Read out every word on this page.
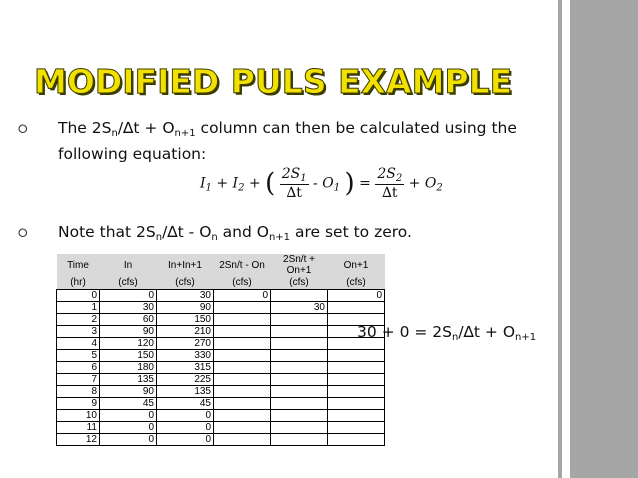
MODIFIED PULS EXAMPLE
⭘ The $2S_n/\Delta t + O_{n+1}$ column can then be calculated using the
following equation:
$I_1 + I_2$ + ( $\frac{2S_1}{\Delta t} - O_1$ ) = $\frac{2S_2}{\Delta t} + O_2$
⭘ Note that $2S_n/\Delta t - O_n$ and $O_{n+1}$ are set to zero.
Time	In	In+In+1	2Sn/t - On	2Sn/t + On+1	On+1
(hr)	(cfs)	(cfs)	(cfs)	(cfs)	(cfs)
0	0	30	0		0
1	30	90		30	
2	60	150			
3	90	210			
4	120	270			
5	150	330			
6	180	315			
7	135	225			
8	90	135			
9	45	45			
10	0	0			
11	0	0			
12	0	0			
$30 + 0 = 2S_n/\Delta t + O_{n+1}$
